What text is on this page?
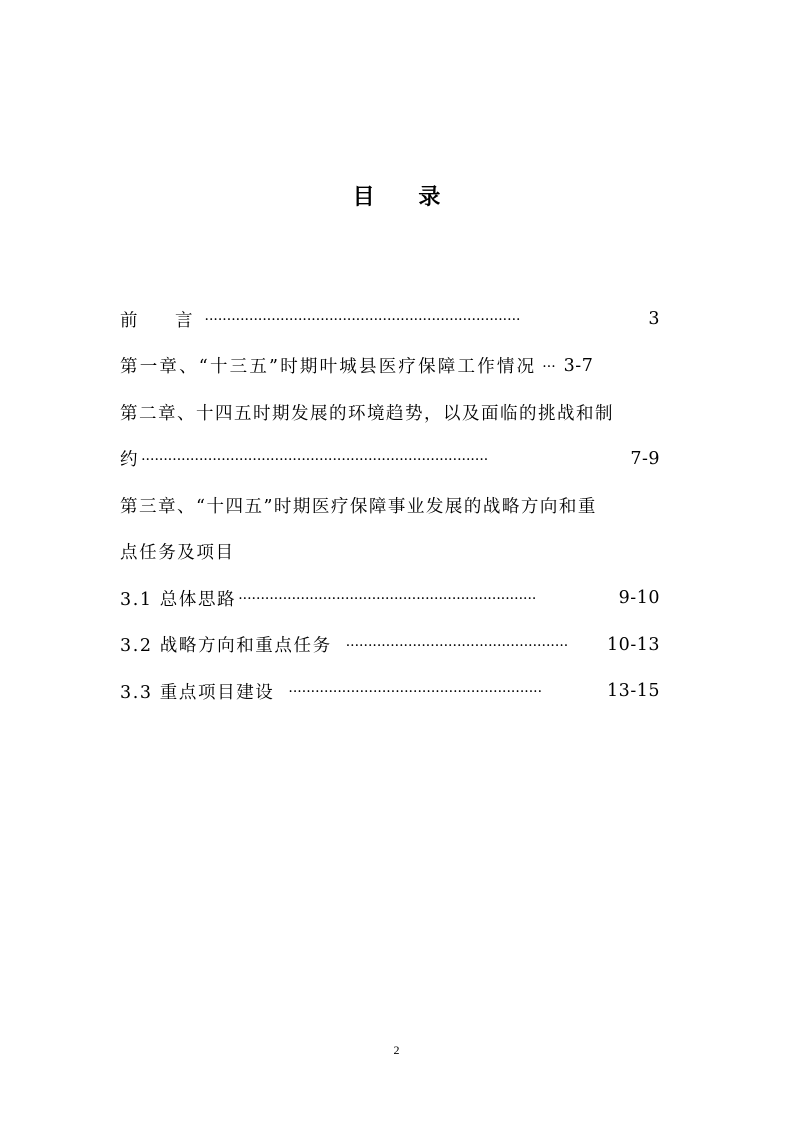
目 录
前　言 ·······································································	3
第一章、“十三五”时期叶城县医疗保障工作情况 ··· 3-7
第二章、十四五时期发展的环境趋势，以及面临的挑战和制
约 ··············································································	7-9
第三章、“十四五”时期医疗保障事业发展的战略方向和重
点任务及项目
3.1 总体思路 ···································································	9-10
3.2 战略方向和重点任务 ··················································	10-13
3.3 重点项目建设 ·························································	13-15
2
